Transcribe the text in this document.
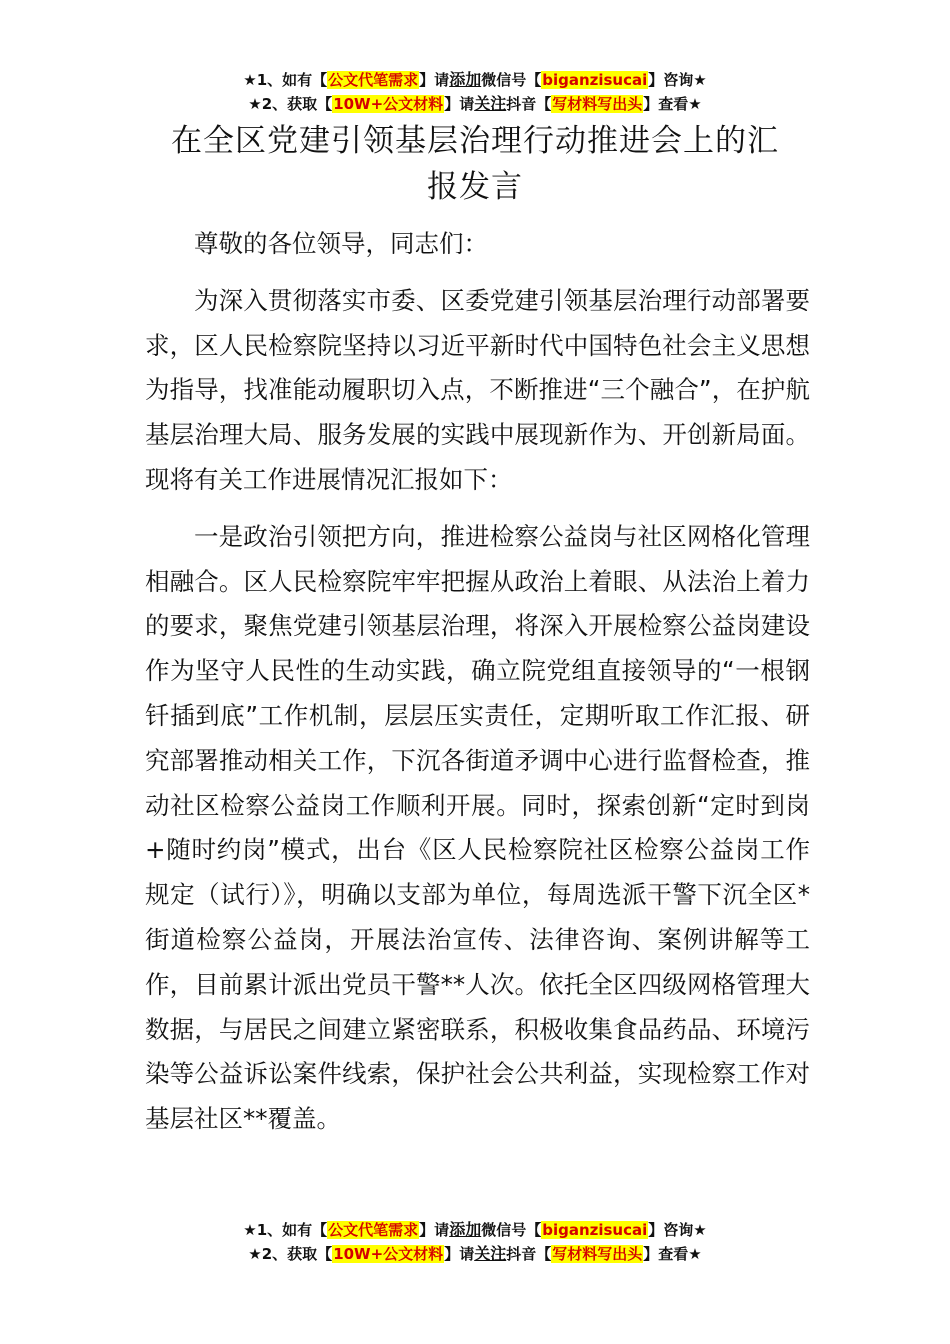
★1、如有【公文代笔需求】请添加微信号【biganzisucai】咨询★
★2、获取【10W+公文材料】请关注抖音【写材料写出头】查看★
在全区党建引领基层治理行动推进会上的汇
报发言

尊敬的各位领导，同志们：

为深入贯彻落实市委、区委党建引领基层治理行动部署要求，区人民检察院坚持以习近平新时代中国特色社会主义思想为指导，找准能动履职切入点，不断推进“三个融合”，在护航基层治理大局、服务发展的实践中展现新作为、开创新局面。现将有关工作进展情况汇报如下：

一是政治引领把方向，推进检察公益岗与社区网格化管理相融合。区人民检察院牢牢把握从政治上着眼、从法治上着力的要求，聚焦党建引领基层治理，将深入开展检察公益岗建设作为坚守人民性的生动实践，确立院党组直接领导的“一根钢钎插到底”工作机制，层层压实责任，定期听取工作汇报、研究部署推动相关工作，下沉各街道矛调中心进行监督检查，推动社区检察公益岗工作顺利开展。同时，探索创新“定时到岗+随时约岗”模式，出台《区人民检察院社区检察公益岗工作规定（试行）》，明确以支部为单位，每周选派干警下沉全区*街道检察公益岗，开展法治宣传、法律咨询、案例讲解等工作，目前累计派出党员干警**人次。依托全区四级网格管理大数据，与居民之间建立紧密联系，积极收集食品药品、环境污染等公益诉讼案件线索，保护社会公共利益，实现检察工作对基层社区**覆盖。

★1、如有【公文代笔需求】请添加微信号【biganzisucai】咨询★
★2、获取【10W+公文材料】请关注抖音【写材料写出头】查看★
